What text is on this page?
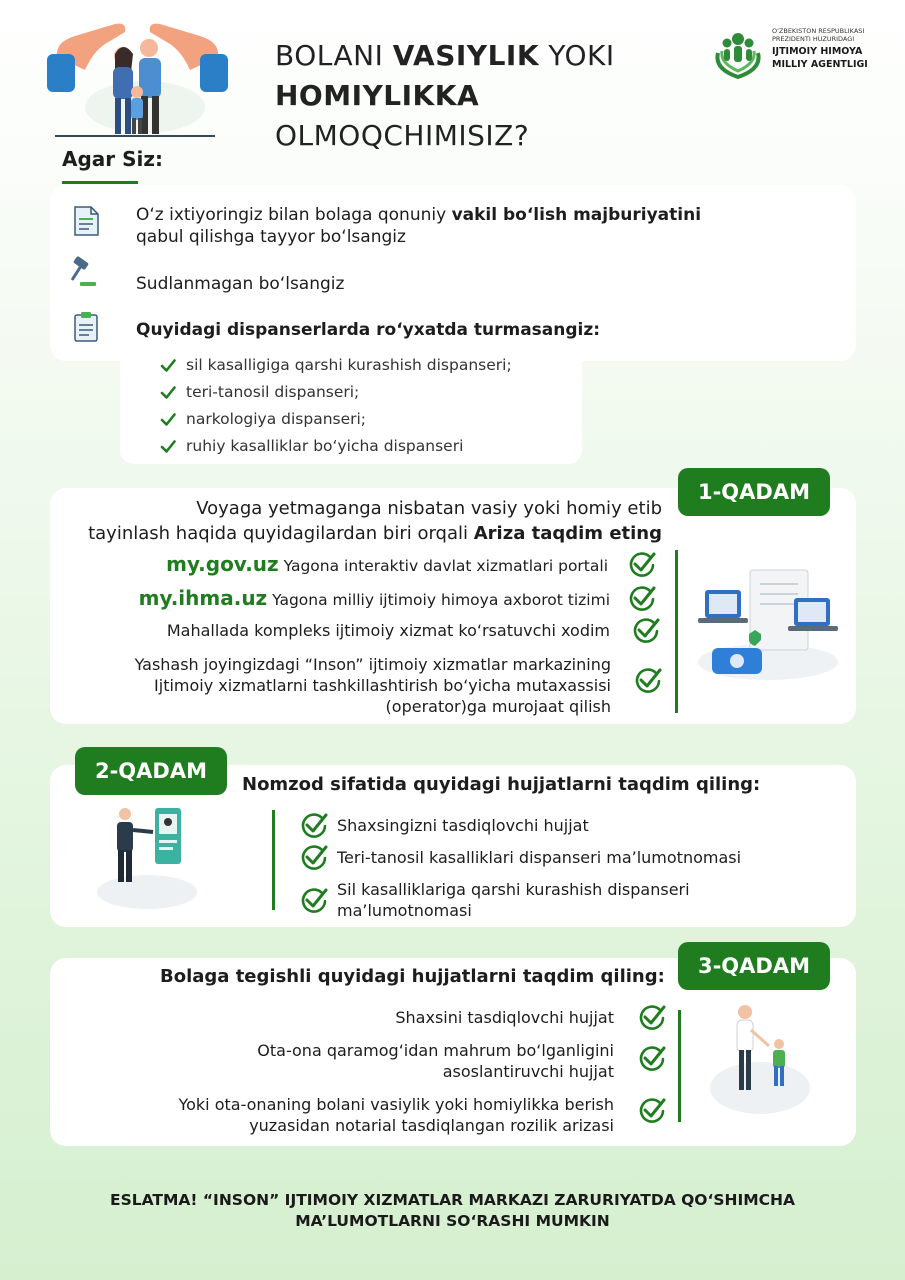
BOLANI VASIYLIK YOKI
HOMIYLIKKA
OLMOQCHIMISIZ?
O'ZBEKISTON RESPUBLIKASI
PREZIDENTI HUZURIDAGI
IJTIMOIY HIMOYA
MILLIY AGENTLIGI
Agar Siz:
O‘z ixtiyoringiz bilan bolaga qonuniy vakil bo‘lish majburiyatini
qabul qilishga tayyor bo‘lsangiz
Sudlanmagan bo‘lsangiz
Quyidagi dispanserlarda ro‘yxatda turmasangiz:
sil kasalligiga qarshi kurashish dispanseri;
teri-tanosil dispanseri;
narkologiya dispanseri;
ruhiy kasalliklar bo‘yicha dispanseri
1-QADAM
Voyaga yetmaganga nisbatan vasiy yoki homiy etib
tayinlash haqida quyidagilardan biri orqali Ariza taqdim eting
my.gov.uz Yagona interaktiv davlat xizmatlari portali
my.ihma.uz Yagona milliy ijtimoiy himoya axborot tizimi
Mahallada kompleks ijtimoiy xizmat ko‘rsatuvchi xodim
Yashash joyingizdagi “Inson” ijtimoiy xizmatlar markazining
Ijtimoiy xizmatlarni tashkillashtirish bo‘yicha mutaxassisi
(operator)ga murojaat qilish
2-QADAM
Nomzod sifatida quyidagi hujjatlarni taqdim qiling:
Shaxsingizni tasdiqlovchi hujjat
Teri-tanosil kasalliklari dispanseri ma’lumotnomasi
Sil kasalliklariga qarshi kurashish dispanseri
ma’lumotnomasi
3-QADAM
Bolaga tegishli quyidagi hujjatlarni taqdim qiling:
Shaxsini tasdiqlovchi hujjat
Ota-ona qaramog‘idan mahrum bo‘lganligini
asoslantiruvchi hujjat
Yoki ota-onaning bolani vasiylik yoki homiylikka berish
yuzasidan notarial tasdiqlangan rozilik arizasi
ESLATMA! “INSON” IJTIMOIY XIZMATLAR MARKAZI ZARURIYATDA QO‘SHIMCHA
MA’LUMOTLARNI SO‘RASHI MUMKIN
